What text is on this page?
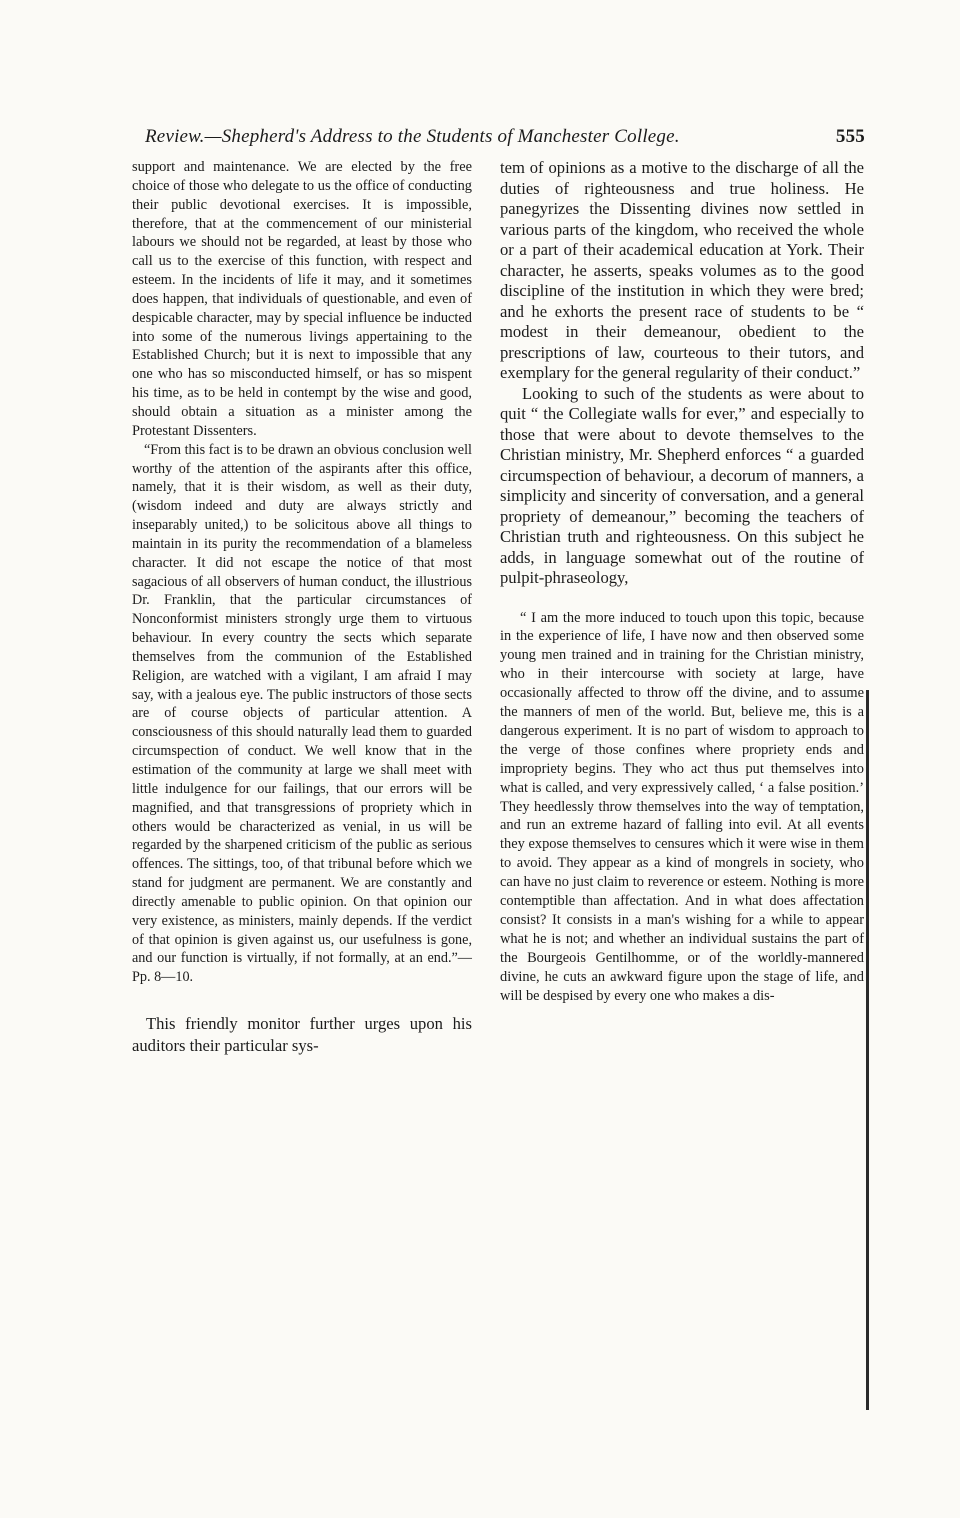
Review.—Shepherd's Address to the Students of Manchester College.	555

support and maintenance. We are elected by the free choice of those who delegate to us the office of conducting their public devotional exercises. It is impossible, therefore, that at the commencement of our ministerial labours we should not be regarded, at least by those who call us to the exercise of this function, with respect and esteem. In the incidents of life it may, and it sometimes does happen, that individuals of questionable, and even of despicable character, may by special influence be inducted into some of the numerous livings appertaining to the Established Church; but it is next to impossible that any one who has so misconducted himself, or has so mispent his time, as to be held in contempt by the wise and good, should obtain a situation as a minister among the Protestant Dissenters.

“From this fact is to be drawn an obvious conclusion well worthy of the attention of the aspirants after this office, namely, that it is their wisdom, as well as their duty, (wisdom indeed and duty are always strictly and inseparably united,) to be solicitous above all things to maintain in its purity the recommendation of a blameless character. It did not escape the notice of that most sagacious of all observers of human conduct, the illustrious Dr. Franklin, that the particular circumstances of Nonconformist ministers strongly urge them to virtuous behaviour. In every country the sects which separate themselves from the communion of the Established Religion, are watched with a vigilant, I am afraid I may say, with a jealous eye. The public instructors of those sects are of course objects of particular attention. A consciousness of this should naturally lead them to guarded circumspection of conduct. We well know that in the estimation of the community at large we shall meet with little indulgence for our failings, that our errors will be magnified, and that transgressions of propriety which in others would be characterized as venial, in us will be regarded by the sharpened criticism of the public as serious offences. The sittings, too, of that tribunal before which we stand for judgment are permanent. We are constantly and directly amenable to public opinion. On that opinion our very existence, as ministers, mainly depends. If the verdict of that opinion is given against us, our usefulness is gone, and our function is virtually, if not formally, at an end.”—Pp. 8—10.

This friendly monitor further urges upon his auditors their particular sys-

tem of opinions as a motive to the discharge of all the duties of righteousness and true holiness. He panegyrizes the Dissenting divines now settled in various parts of the kingdom, who received the whole or a part of their academical education at York. Their character, he asserts, speaks volumes as to the good discipline of the institution in which they were bred; and he exhorts the present race of students to be “ modest in their demeanour, obedient to the prescriptions of law, courteous to their tutors, and exemplary for the general regularity of their conduct.”

Looking to such of the students as were about to quit “ the Collegiate walls for ever,” and especially to those that were about to devote themselves to the Christian ministry, Mr. Shepherd enforces “ a guarded circumspection of behaviour, a decorum of manners, a simplicity and sincerity of conversation, and a general propriety of demeanour,” becoming the teachers of Christian truth and righteousness. On this subject he adds, in language somewhat out of the routine of pulpit-phraseology,

“ I am the more induced to touch upon this topic, because in the experience of life, I have now and then observed some young men trained and in training for the Christian ministry, who in their intercourse with society at large, have occasionally affected to throw off the divine, and to assume the manners of men of the world. But, believe me, this is a dangerous experiment. It is no part of wisdom to approach to the verge of those confines where propriety ends and impropriety begins. They who act thus put themselves into what is called, and very expressively called, ‘ a false position.’ They heedlessly throw themselves into the way of temptation, and run an extreme hazard of falling into evil. At all events they expose themselves to censures which it were wise in them to avoid. They appear as a kind of mongrels in society, who can have no just claim to reverence or esteem. Nothing is more contemptible than affectation. And in what does affectation consist? It consists in a man's wishing for a while to appear what he is not; and whether an individual sustains the part of the Bourgeois Gentilhomme, or of the worldly-mannered divine, he cuts an awkward figure upon the stage of life, and will be despised by every one who makes a dis-
